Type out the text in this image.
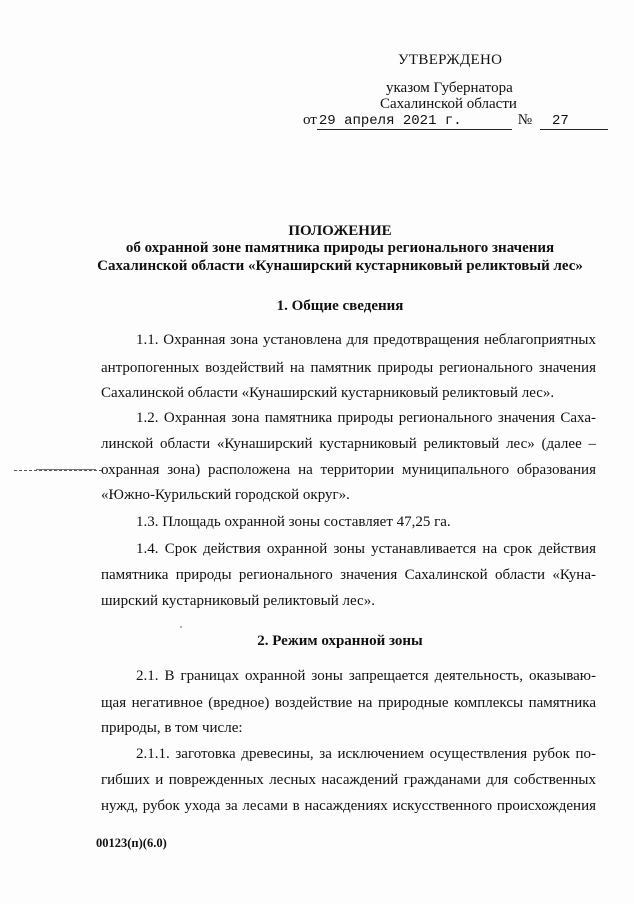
УТВЕРЖДЕНО
указом Губернатора
Сахалинской области
от 29 апреля 2021 г.	№ 27
ПОЛОЖЕНИЕ
об охранной зоне памятника природы регионального значения
Сахалинской области «Кунаширский кустарниковый реликтовый лес»
1. Общие сведения
1.1. Охранная зона установлена для предотвращения неблагоприятных
антропогенных воздействий на памятник природы регионального значения
Сахалинской области «Кунаширский кустарниковый реликтовый лес».
1.2. Охранная зона памятника природы регионального значения Саха-
линской области «Кунаширский кустарниковый реликтовый лес» (далее –
охранная зона) расположена на территории муниципального образования
«Южно-Курильский городской округ».
1.3. Площадь охранной зоны составляет 47,25 га.
1.4. Срок действия охранной зоны устанавливается на срок действия
памятника природы регионального значения Сахалинской области «Куна-
ширский кустарниковый реликтовый лес».
2. Режим охранной зоны
2.1. В границах охранной зоны запрещается деятельность, оказываю-
щая негативное (вредное) воздействие на природные комплексы памятника
природы, в том числе:
2.1.1. заготовка древесины, за исключением осуществления рубок по-
гибших и поврежденных лесных насаждений гражданами для собственных
нужд, рубок ухода за лесами в насаждениях искусственного происхождения
00123(п)(6.0)
